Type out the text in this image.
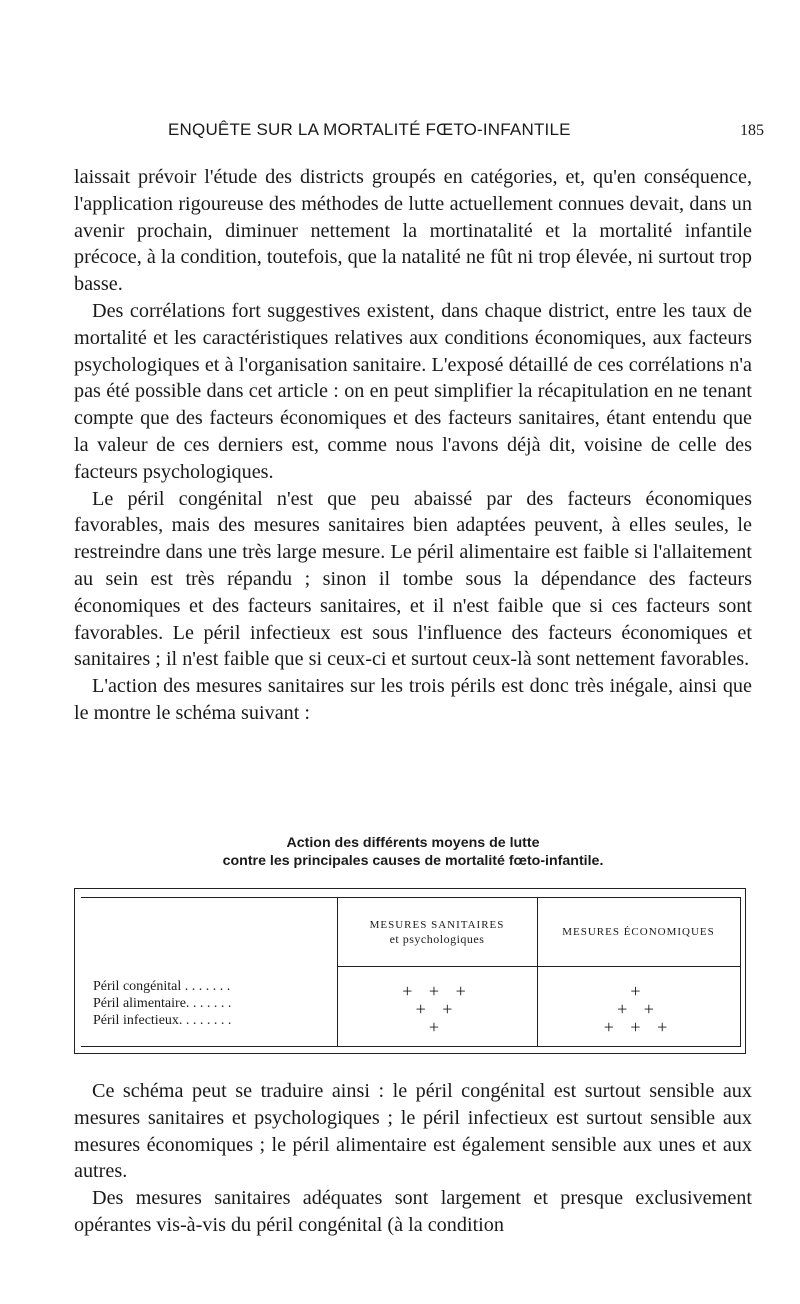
ENQUÊTE SUR LA MORTALITÉ FŒTO-INFANTILE	185

laissait prévoir l'étude des districts groupés en catégories, et, qu'en conséquence, l'application rigoureuse des méthodes de lutte actuellement connues devait, dans un avenir prochain, diminuer nettement la mortinatalité et la mortalité infantile précoce, à la condition, toutefois, que la natalité ne fût ni trop élevée, ni surtout trop basse.

Des corrélations fort suggestives existent, dans chaque district, entre les taux de mortalité et les caractéristiques relatives aux conditions économiques, aux facteurs psychologiques et à l'organisation sanitaire. L'exposé détaillé de ces corrélations n'a pas été possible dans cet article : on en peut simplifier la récapitulation en ne tenant compte que des facteurs économiques et des facteurs sanitaires, étant entendu que la valeur de ces derniers est, comme nous l'avons déjà dit, voisine de celle des facteurs psychologiques.

Le péril congénital n'est que peu abaissé par des facteurs économiques favorables, mais des mesures sanitaires bien adaptées peuvent, à elles seules, le restreindre dans une très large mesure. Le péril alimentaire est faible si l'allaitement au sein est très répandu ; sinon il tombe sous la dépendance des facteurs économiques et des facteurs sanitaires, et il n'est faible que si ces facteurs sont favorables. Le péril infectieux est sous l'influence des facteurs économiques et sanitaires ; il n'est faible que si ceux-ci et surtout ceux-là sont nettement favorables.

L'action des mesures sanitaires sur les trois périls est donc très inégale, ainsi que le montre le schéma suivant :

Action des différents moyens de lutte
contre les principales causes de mortalité fœto-infantile.
MESURES SANITAIRES
et psychologiques	MESURES ÉCONOMIQUES
Péril congénital . . . . . . .
Péril alimentaire. . . . . . .
Péril infectieux. . . . . . . .
+ + +
+ +
+
+
+ +
+ + +

Ce schéma peut se traduire ainsi : le péril congénital est surtout sensible aux mesures sanitaires et psychologiques ; le péril infectieux est surtout sensible aux mesures économiques ; le péril alimentaire est également sensible aux unes et aux autres.

Des mesures sanitaires adéquates sont largement et presque exclusivement opérantes vis-à-vis du péril congénital (à la condition
